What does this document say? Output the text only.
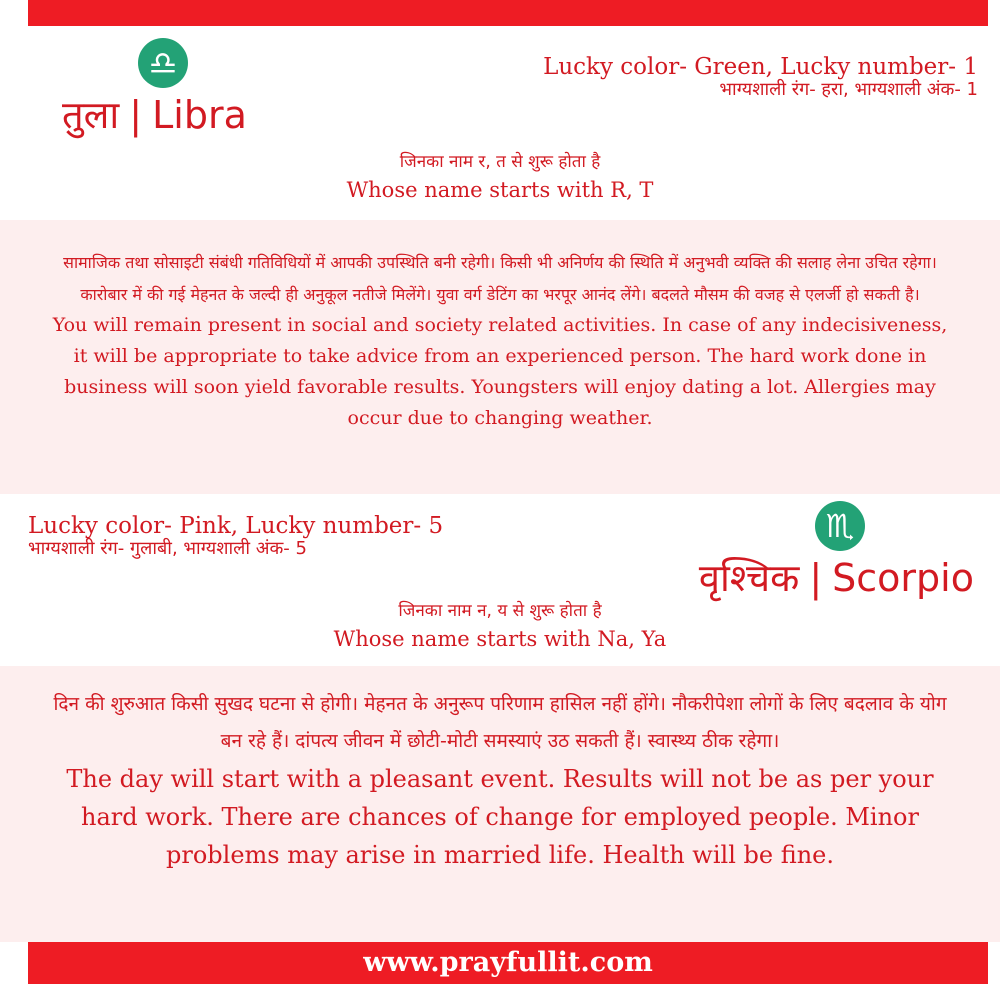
♎
तुला | Libra
Lucky color- Green, Lucky number- 1
भाग्यशाली रंग- हरा, भाग्यशाली अंक- 1
जिनका नाम र, त से शुरू होता है
Whose name starts with R, T
सामाजिक तथा सोसाइटी संबंधी गतिविधियों में आपकी उपस्थिति बनी रहेगी। किसी भी अनिर्णय की स्थिति में अनुभवी व्यक्ति की सलाह लेना उचित रहेगा। कारोबार में की गई मेहनत के जल्दी ही अनुकूल नतीजे मिलेंगे। युवा वर्ग डेटिंग का भरपूर आनंद लेंगे। बदलते मौसम की वजह से एलर्जी हो सकती है।
You will remain present in social and society related activities. In case of any indecisiveness, it will be appropriate to take advice from an experienced person. The hard work done in business will soon yield favorable results. Youngsters will enjoy dating a lot. Allergies may occur due to changing weather.
Lucky color- Pink, Lucky number- 5
भाग्यशाली रंग- गुलाबी, भाग्यशाली अंक- 5
♏
वृश्चिक | Scorpio
जिनका नाम न, य से शुरू होता है
Whose name starts with Na, Ya
दिन की शुरुआत किसी सुखद घटना से होगी। मेहनत के अनुरूप परिणाम हासिल नहीं होंगे। नौकरीपेशा लोगों के लिए बदलाव के योग बन रहे हैं। दांपत्य जीवन में छोटी-मोटी समस्याएं उठ सकती हैं। स्वास्थ्य ठीक रहेगा।
The day will start with a pleasant event. Results will not be as per your hard work. There are chances of change for employed people. Minor problems may arise in married life. Health will be fine.
www.prayfullit.com
